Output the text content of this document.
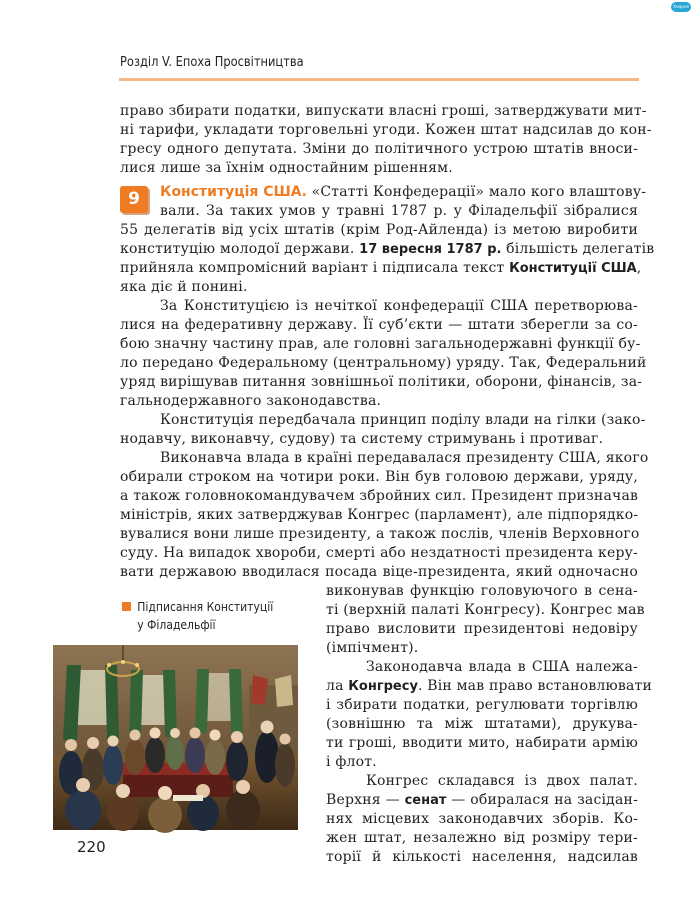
Хмарне
Розділ V. Епоха Просвітництва
право збирати податки, випускати власні гроші, затверджувати мит-
ні тарифи, укладати торговельні угоди. Кожен штат надсилав до кон-
гресу одного депутата. Зміни до політичного устрою штатів вноси-
лися лише за їхнім одностайним рішенням.
9	Конституція США. «Статті Конфедерації» мало кого влаштову-
вали. За таких умов у травні 1787 р. у Філадельфії зібралися
55 делегатів від усіх штатів (крім Род-Айленда) із метою виробити
конституцію молодої держави. 17 вересня 1787 р. більшість делегатів
прийняла компромісний варіант і підписала текст Конституції США,
яка діє й понині.
За Конституцією із нечіткої конфедерації США перетворюва-
лися на федеративну державу. Її суб’єкти — штати зберегли за со-
бою значну частину прав, але головні загальнодержавні функції бу-
ло передано Федеральному (центральному) уряду. Так, Федеральний
уряд вирішував питання зовнішньої політики, оборони, фінансів, за-
гальнодержавного законодавства.
Конституція передбачала принцип поділу влади на гілки (зако-
нодавчу, виконавчу, судову) та систему стримувань і противаг.
Виконавча влада в країні передавалася президенту США, якого
обирали строком на чотири роки. Він був головою держави, уряду,
а також головнокомандувачем збройних сил. Президент призначав
міністрів, яких затверджував Конгрес (парламент), але підпорядко-
вувалися вони лише президенту, а також послів, членів Верховного
суду. На випадок хвороби, смерті або нездатності президента керу-
вати державою вводилася посада віце-президента, який одночасно
виконував функцію головуючого в сена-
ті (верхній палаті Конгресу). Конгрес мав
право висловити президентові недовіру
(імпічмент).
Законодавча влада в США належа-
ла Конгресу. Він мав право встановлювати
і збирати податки, регулювати торгівлю
(зовнішню та між штатами), друкува-
ти гроші, вводити мито, набирати армію
і флот.
Конгрес складався із двох палат.
Верхня — сенат — обиралася на засідан-
нях місцевих законодавчих зборів. Ко-
жен штат, незалежно від розміру тери-
торії й кількості населення, надсилав
Підписання Конституції
у Філадельфії
220
